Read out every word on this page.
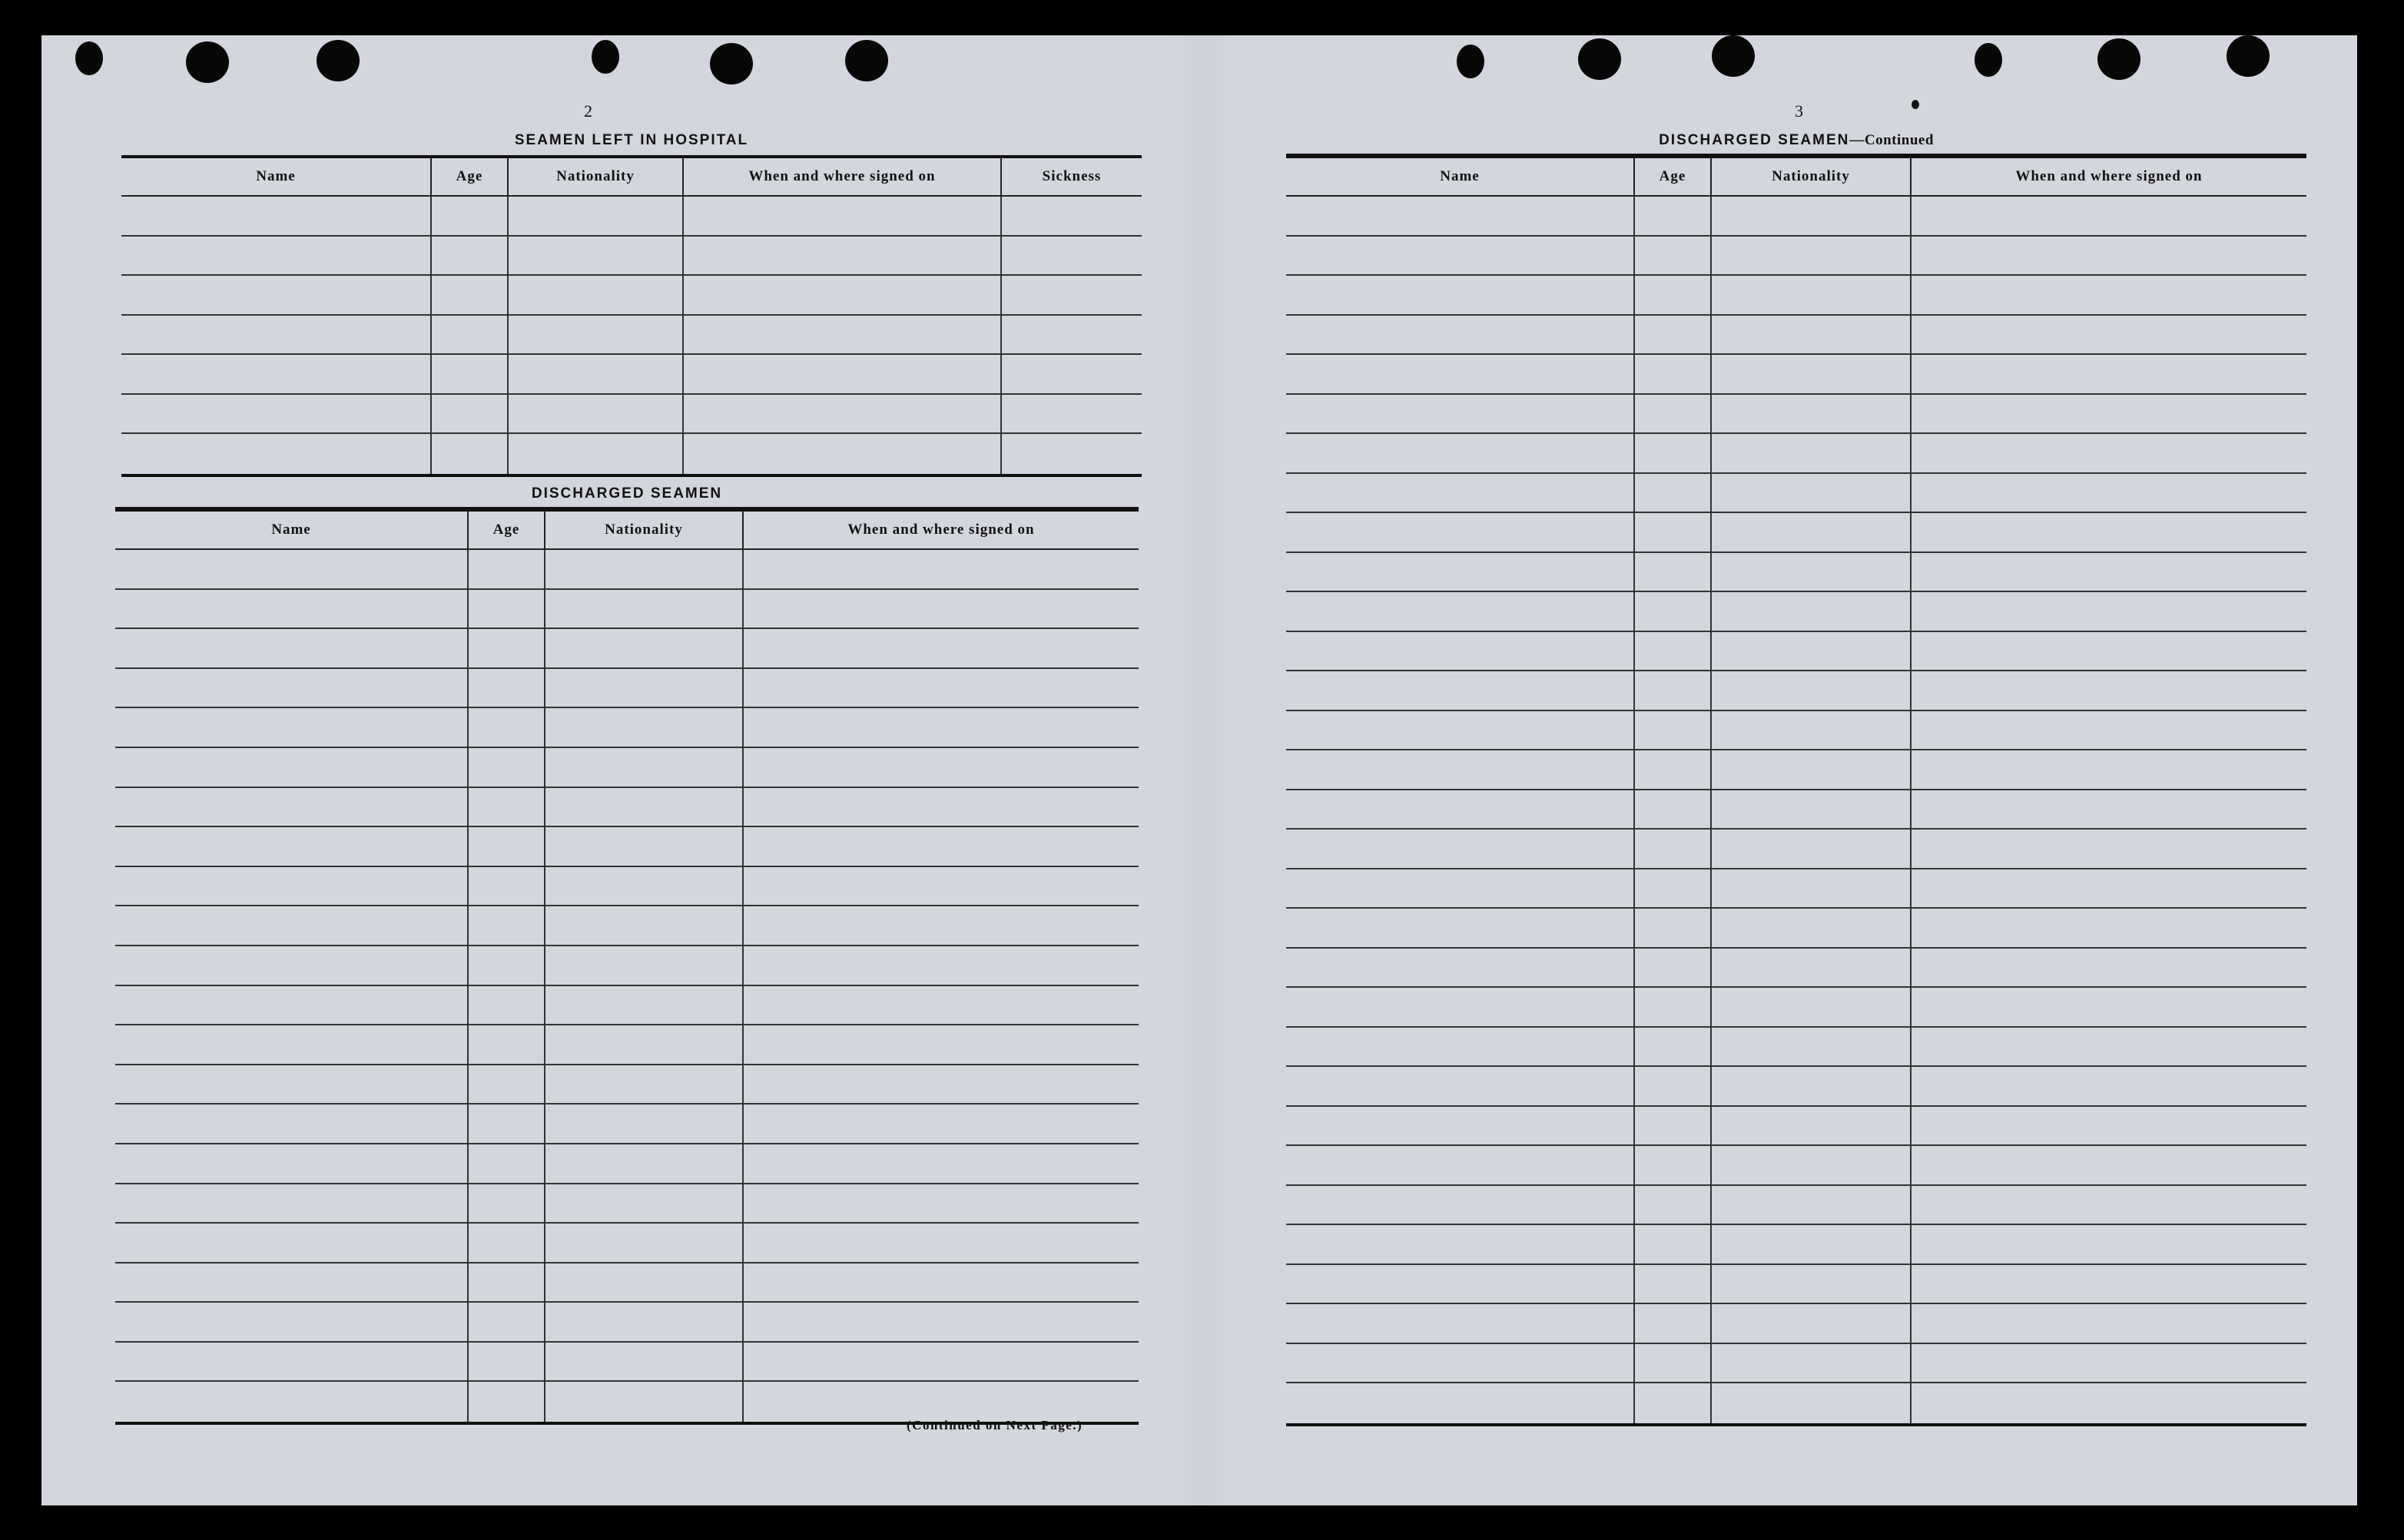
2
SEAMEN LEFT IN HOSPITAL
Name	Age	Nationality	When and where signed on	Sickness
DISCHARGED SEAMEN
Name	Age	Nationality	When and where signed on
(Continued on Next Page.)
3
DISCHARGED SEAMEN—Continued
Name	Age	Nationality	When and where signed on
